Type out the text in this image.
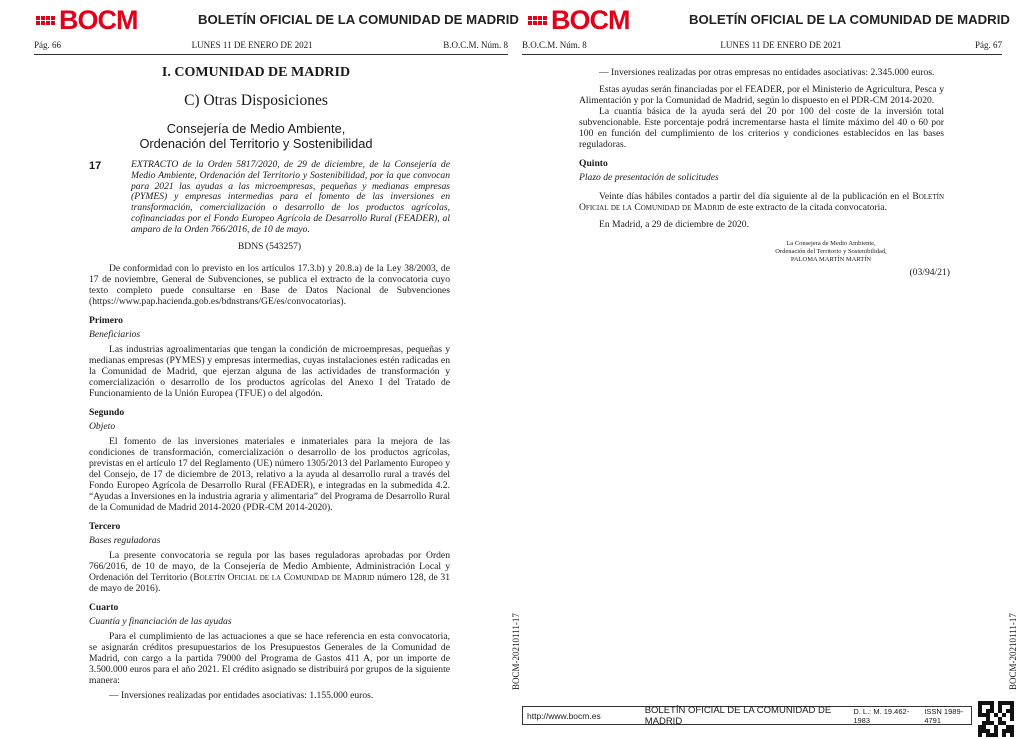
BOCM	BOLETÍN OFICIAL DE LA COMUNIDAD DE MADRID
Pág. 66	LUNES 11 DE ENERO DE 2021	B.O.C.M. Núm. 8
I. COMUNIDAD DE MADRID
C) Otras Disposiciones
Consejería de Medio Ambiente,
Ordenación del Territorio y Sostenibilidad
17	EXTRACTO de la Orden 5817/2020, de 29 de diciembre, de la Consejería de Medio Ambiente, Ordenación del Territorio y Sostenibilidad, por la que convocan para 2021 las ayudas a las microempresas, pequeñas y medianas empresas (PYMES) y empresas intermedias para el fomento de las inversiones en transformación, comercialización o desarrollo de los productos agrícolas, cofinanciadas por el Fondo Europeo Agrícola de Desarrollo Rural (FEADER), al amparo de la Orden 766/2016, de 10 de mayo.

BDNS (543257)

De conformidad con lo previsto en los artículos 17.3.b) y 20.8.a) de la Ley 38/2003, de 17 de noviembre, General de Subvenciones, se publica el extracto de la convocatoria cuyo texto completo puede consultarse en Base de Datos Nacional de Subvenciones (https://www.pap.hacienda.gob.es/bdnstrans/GE/es/convocatorias).

Primero

Beneficiarios

Las industrias agroalimentarias que tengan la condición de microempresas, pequeñas y medianas empresas (PYMES) y empresas intermedias, cuyas instalaciones estén radicadas en la Comunidad de Madrid, que ejerzan alguna de las actividades de transformación y comercialización o desarrollo de los productos agrícolas del Anexo I del Tratado de Funcionamiento de la Unión Europea (TFUE) o del algodón.

Segundo

Objeto

El fomento de las inversiones materiales e inmateriales para la mejora de las condiciones de transformación, comercialización o desarrollo de los productos agrícolas, previstas en el artículo 17 del Reglamento (UE) número 1305/2013 del Parlamento Europeo y del Consejo, de 17 de diciembre de 2013, relativo a la ayuda al desarrollo rural a través del Fondo Europeo Agrícola de Desarrollo Rural (FEADER), e integradas en la submedida 4.2. “Ayudas a Inversiones en la industria agraria y alimentaria” del Programa de Desarrollo Rural de la Comunidad de Madrid 2014-2020 (PDR-CM 2014-2020).

Tercero

Bases reguladoras

La presente convocatoria se regula por las bases reguladoras aprobadas por Orden 766/2016, de 10 de mayo, de la Consejería de Medio Ambiente, Administración Local y Ordenación del Territorio (Boletín Oficial de la Comunidad de Madrid número 128, de 31 de mayo de 2016).

Cuarto

Cuantía y financiación de las ayudas

Para el cumplimiento de las actuaciones a que se hace referencia en esta convocatoria, se asignarán créditos presupuestarios de los Presupuestos Generales de la Comunidad de Madrid, con cargo a la partida 79000 del Programa de Gastos 411 A, por un importe de 3.500.000 euros para el año 2021. El crédito asignado se distribuirá por grupos de la siguiente manera:

— Inversiones realizadas por entidades asociativas: 1.155.000 euros.

BOCM-20210111-17
BOCM	BOLETÍN OFICIAL DE LA COMUNIDAD DE MADRID
B.O.C.M. Núm. 8	LUNES 11 DE ENERO DE 2021	Pág. 67

— Inversiones realizadas por otras empresas no entidades asociativas: 2.345.000 euros.

Estas ayudas serán financiadas por el FEADER, por el Ministerio de Agricultura, Pesca y Alimentación y por la Comunidad de Madrid, según lo dispuesto en el PDR-CM 2014-2020.

La cuantía básica de la ayuda será del 20 por 100 del coste de la inversión total subvencionable. Este porcentaje podrá incrementarse hasta el límite máximo del 40 o 60 por 100 en función del cumplimiento de los criterios y condiciones establecidos en las bases reguladoras.

Quinto

Plazo de presentación de solicitudes

Veinte días hábiles contados a partir del día siguiente al de la publicación en el Boletín Oficial de la Comunidad de Madrid de este extracto de la citada convocatoria.

En Madrid, a 29 de diciembre de 2020.

BOCM-20210111-17
La Consejera de Medio Ambiente,
Ordenación del Territorio y Sostenibilidad,
PALOMA MARTÍN MARTÍN
(03/94/21)
http://www.bocm.es	BOLETÍN OFICIAL DE LA COMUNIDAD DE MADRID
D. L.: M. 19.462-1983
ISSN 1989-4791
